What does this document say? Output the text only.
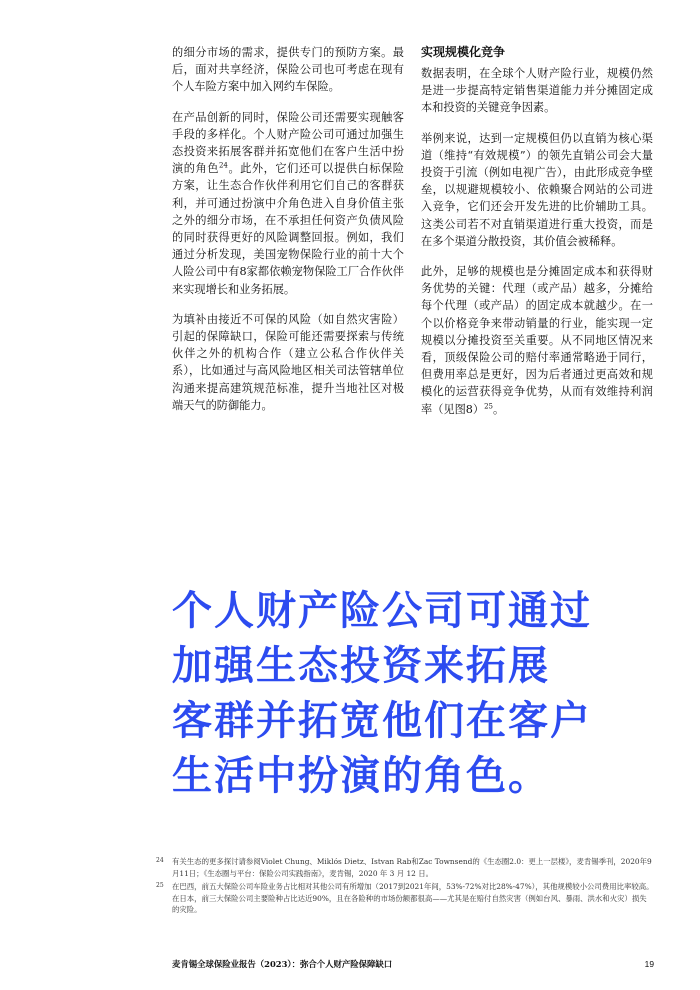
的细分市场的需求，提供专门的预防方案。最后，面对共享经济，保险公司也可考虑在现有个人车险方案中加入网约车保险。

在产品创新的同时，保险公司还需要实现触客手段的多样化。个人财产险公司可通过加强生态投资来拓展客群并拓宽他们在客户生活中扮演的角色$^{24}$。此外，它们还可以提供白标保险方案，让生态合作伙伴利用它们自己的客群获利，并可通过扮演中介角色进入自身价值主张之外的细分市场，在不承担任何资产负债风险的同时获得更好的风险调整回报。例如，我们通过分析发现，美国宠物保险行业的前十大个人险公司中有8家都依赖宠物保险工厂合作伙伴来实现增长和业务拓展。

为填补由接近不可保的风险（如自然灾害险）引起的保障缺口，保险可能还需要探索与传统伙伴之外的机构合作（建立公私合作伙伴关系），比如通过与高风险地区相关司法管辖单位沟通来提高建筑规范标准，提升当地社区对极端天气的防御能力。

实现规模化竞争

数据表明，在全球个人财产险行业，规模仍然是进一步提高特定销售渠道能力并分摊固定成本和投资的关键竞争因素。

举例来说，达到一定规模但仍以直销为核心渠道（维持“有效规模”）的领先直销公司会大量投资于引流（例如电视广告），由此形成竞争壁垒，以规避规模较小、依赖聚合网站的公司进入竞争，它们还会开发先进的比价辅助工具。这类公司若不对直销渠道进行重大投资，而是在多个渠道分散投资，其价值会被稀释。

此外，足够的规模也是分摊固定成本和获得财务优势的关键：代理（或产品）越多，分摊给每个代理（或产品）的固定成本就越少。在一个以价格竞争来带动销量的行业，能实现一定规模以分摊投资至关重要。从不同地区情况来看，顶级保险公司的赔付率通常略逊于同行，但费用率总是更好，因为后者通过更高效和规模化的运营获得竞争优势，从而有效维持利润率（见图8）$^{25}$。

个人财产险公司可通过
加强生态投资来拓展
客群并拓宽他们在客户
生活中扮演的角色。
24 有关生态的更多探讨请参阅Violet Chung、Miklós Dietz、Istvan Rab和Zac Townsend的《生态圈2.0：更上一层楼》，麦肯锡季刊，2020年9月11日；《生态圈与平台：保险公司实践指南》，麦肯锡，2020 年 3 月 12 日。
25 在巴西，前五大保险公司车险业务占比相对其他公司有所增加（2017到2021年间，53%-72%对比28%-47%），其他规模较小公司费用比率较高。在日本，前三大保险公司主要险种占比达近90%，且在各险种的市场份额都很高——尤其是在赔付自然灾害（例如台风、暴雨、洪水和火灾）损失的灾险。
麦肯锡全球保险业报告（2023）：弥合个人财产险保障缺口	19
